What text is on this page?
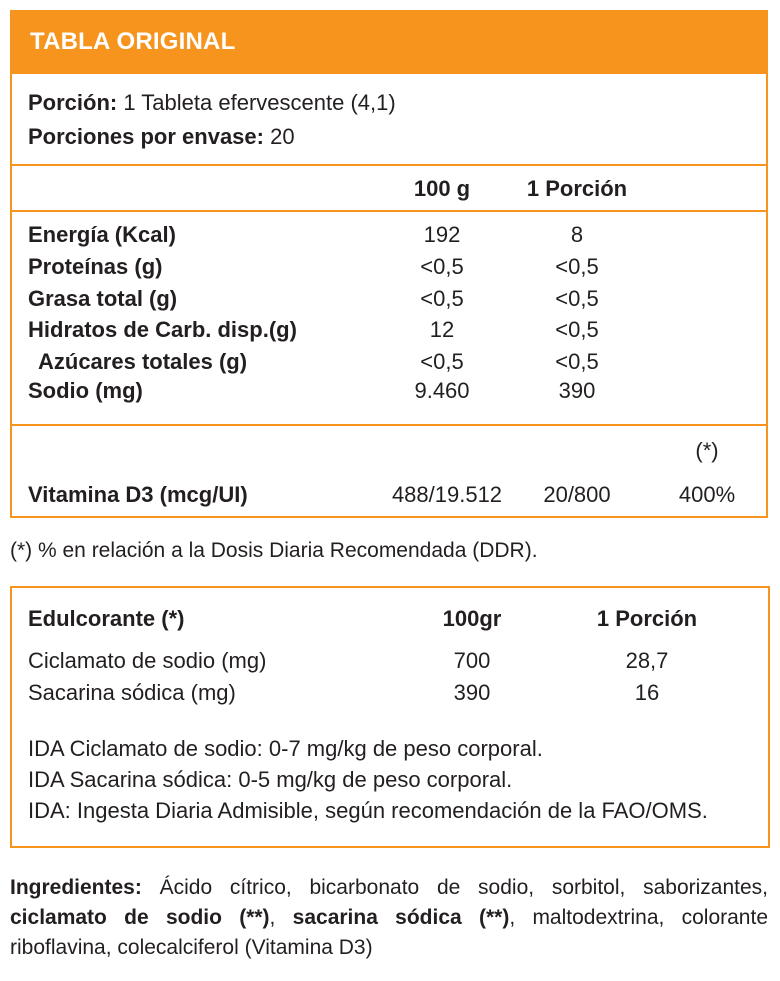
TABLA ORIGINAL
Porción: 1 Tableta efervescente (4,1)
Porciones por envase: 20
100 g	1 Porción
Energía (Kcal)	192	8
Proteínas (g)	<0,5	<0,5
Grasa total (g)	<0,5	<0,5
Hidratos de Carb. disp.(g)	12	<0,5
Azúcares totales (g)	<0,5	<0,5
Sodio (mg)	9.460	390
(*)
Vitamina D3 (mcg/UI)	488/19.512	20/800	400%
(*) % en relación a la Dosis Diaria Recomendada (DDR).
Edulcorante (*)	100gr	1 Porción
Ciclamato de sodio (mg)	700	28,7
Sacarina sódica (mg)	390	16
IDA Ciclamato de sodio: 0-7 mg/kg de peso corporal.
IDA Sacarina sódica: 0-5 mg/kg de peso corporal.
IDA: Ingesta Diaria Admisible, según recomendación de la FAO/OMS.
Ingredientes: Ácido cítrico, bicarbonato de sodio, sorbitol, saborizantes, ciclamato de sodio (**), sacarina sódica (**), maltodextrina, colorante riboflavina, colecalciferol (Vitamina D3)
